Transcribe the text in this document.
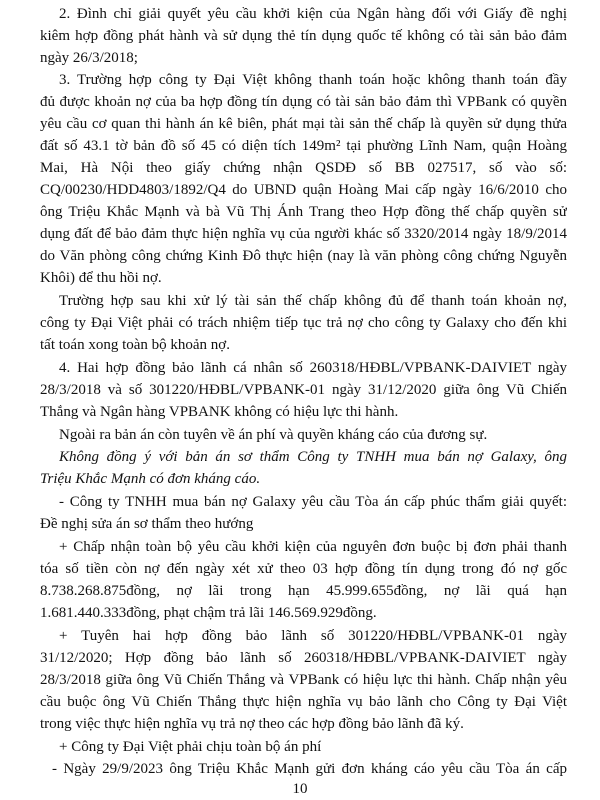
2. Đình chỉ giải quyết yêu cầu khởi kiện của Ngân hàng đối với Giấy đề nghị
kiêm hợp đồng phát hành và sử dụng thẻ tín dụng quốc tế không có tài sản bảo đảm
ngày 26/3/2018;
3. Trường hợp công ty Đại Việt không thanh toán hoặc không thanh toán đầy
đủ được khoản nợ của ba hợp đồng tín dụng có tài sản bảo đảm thì VPBank có quyền
yêu cầu cơ quan thi hành án kê biên, phát mại tài sản thế chấp là quyền sử dụng thửa
đất số 43.1 tờ bản đồ số 45 có diện tích 149m² tại phường Lĩnh Nam, quận Hoàng
Mai, Hà Nội theo giấy chứng nhận QSDĐ số BB 027517, số vào số:
CQ/00230/HDD4803/1892/Q4 do UBND quận Hoàng Mai cấp ngày 16/6/2010 cho
ông Triệu Khắc Mạnh và bà Vũ Thị Ánh Trang theo Hợp đồng thế chấp quyền sử
dụng đất để bảo đảm thực hiện nghĩa vụ của người khác số 3320/2014 ngày 18/9/2014
do Văn phòng công chứng Kinh Đô thực hiện (nay là văn phòng công chứng Nguyễn
Khôi) để thu hồi nợ.
Trường hợp sau khi xử lý tài sản thế chấp không đủ để thanh toán khoản nợ,
công ty Đại Việt phải có trách nhiệm tiếp tục trả nợ cho công ty Galaxy cho đến khi
tất toán xong toàn bộ khoản nợ.
4. Hai hợp đồng bảo lãnh cá nhân số 260318/HĐBL/VPBANK-DAIVIET ngày
28/3/2018 và số 301220/HĐBL/VPBANK-01 ngày 31/12/2020 giữa ông Vũ Chiến
Thắng và Ngân hàng VPBANK không có hiệu lực thi hành.
Ngoài ra bản án còn tuyên về án phí và quyền kháng cáo của đương sự.
Không đồng ý với bản án sơ thẩm Công ty TNHH mua bán nợ Galaxy, ông
Triệu Khắc Mạnh có đơn kháng cáo.
- Công ty TNHH mua bán nợ Galaxy yêu cầu Tòa án cấp phúc thẩm giải quyết:
Đề nghị sửa án sơ thẩm theo hướng
+ Chấp nhận toàn bộ yêu cầu khởi kiện của nguyên đơn buộc bị đơn phải thanh
tóa số tiền còn nợ đến ngày xét xử theo 03 hợp đồng tín dụng trong đó nợ gốc
8.738.268.875đồng, nợ lãi trong hạn 45.999.655đồng, nợ lãi quá hạn
1.681.440.333đồng, phạt chậm trả lãi 146.569.929đồng.
+ Tuyên hai hợp đồng bảo lãnh số 301220/HĐBL/VPBANK-01 ngày
31/12/2020; Hợp đồng bảo lãnh số 260318/HĐBL/VPBANK-DAIVIET ngày
28/3/2018 giữa ông Vũ Chiến Thắng và VPBank có hiệu lực thi hành. Chấp nhận yêu
cầu buộc ông Vũ Chiến Thắng thực hiện nghĩa vụ bảo lãnh cho Công ty Đại Việt
trong việc thực hiện nghĩa vụ trả nợ theo các hợp đồng bảo lãnh đã ký.
+ Công ty Đại Việt phải chịu toàn bộ án phí
- Ngày 29/9/2023 ông Triệu Khắc Mạnh gửi đơn kháng cáo yêu cầu Tòa án cấp
10
